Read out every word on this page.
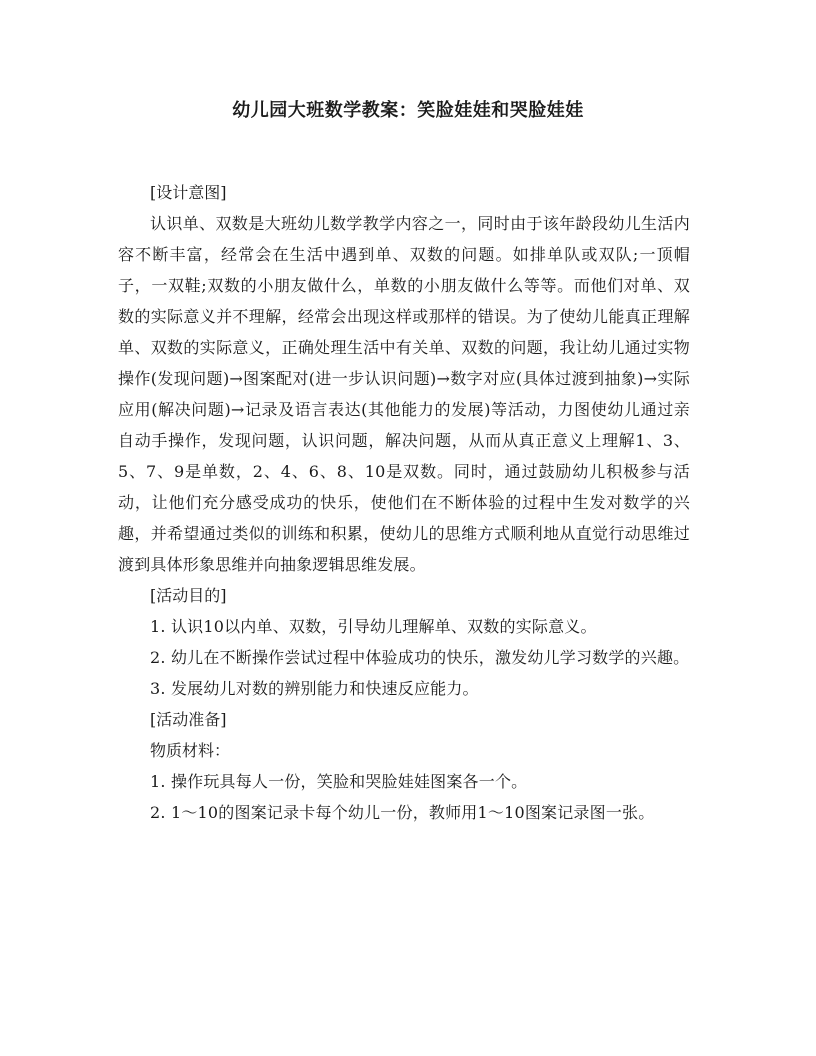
幼儿园大班数学教案：笑脸娃娃和哭脸娃娃

[设计意图]

认识单、双数是大班幼儿数学教学内容之一，同时由于该年龄段幼儿生活内容不断丰富，经常会在生活中遇到单、双数的问题。如排单队或双队;一顶帽子，一双鞋;双数的小朋友做什么，单数的小朋友做什么等等。而他们对单、双数的实际意义并不理解，经常会出现这样或那样的错误。为了使幼儿能真正理解单、双数的实际意义，正确处理生活中有关单、双数的问题，我让幼儿通过实物操作(发现问题)→图案配对(进一步认识问题)→数字对应(具体过渡到抽象)→实际应用(解决问题)→记录及语言表达(其他能力的发展)等活动，力图使幼儿通过亲自动手操作，发现问题，认识问题，解决问题，从而从真正意义上理解1、3、5、7、9是单数，2、4、6、8、10是双数。同时，通过鼓励幼儿积极参与活动，让他们充分感受成功的快乐，使他们在不断体验的过程中生发对数学的兴趣，并希望通过类似的训练和积累，使幼儿的思维方式顺利地从直觉行动思维过渡到具体形象思维并向抽象逻辑思维发展。

[活动目的]

1. 认识10以内单、双数，引导幼儿理解单、双数的实际意义。

2. 幼儿在不断操作尝试过程中体验成功的快乐，激发幼儿学习数学的兴趣。

3. 发展幼儿对数的辨别能力和快速反应能力。

[活动准备]

物质材料：

1. 操作玩具每人一份，笑脸和哭脸娃娃图案各一个。

2. 1～10的图案记录卡每个幼儿一份，教师用1～10图案记录图一张。
